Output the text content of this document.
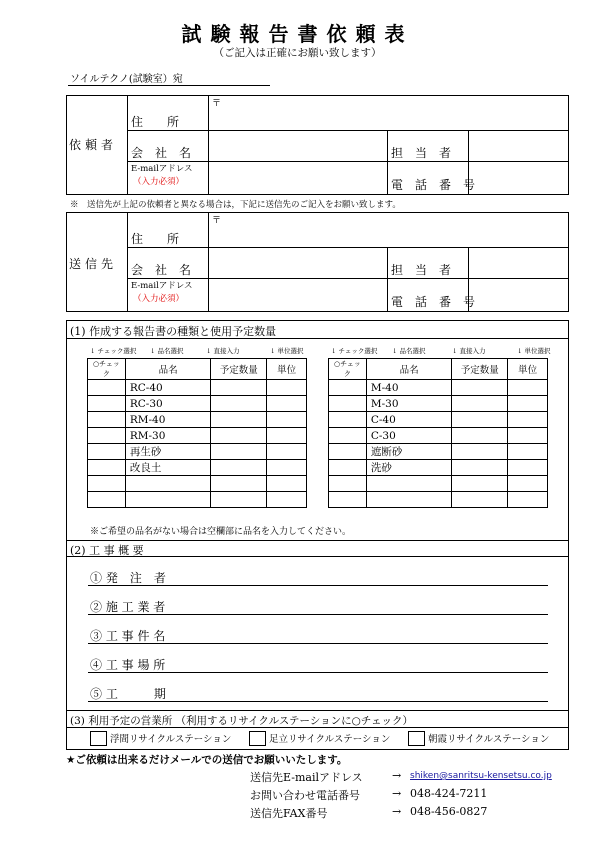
試験報告書依頼表
（ご記入は正確にお願い致します）
ソイルテクノ(試験室）宛
依頼者
〒
住　　所
会　社　名	担　当　者
E-mailアドレス
（入力必須）	電　話　番　号
※　送信先が上記の依頼者と異なる場合は，下記に送信先のご記入をお願い致します。
送信先
〒
住　　所
会　社　名	担　当　者
E-mailアドレス
（入力必須）	電　話　番　号
(1) 作成する報告書の種類と使用予定数量
↓ チェック選択 ↓ 品名選択	↓ 直接入力	↓ 単位選択	↓ チェック選択 ↓ 品名選択	↓ 直接入力	↓ 単位選択
○チェック	品名	予定数量	単位
	RC-40		
	RC-30		
	RM-40		
	RM-30		
	再生砂		
	改良土		

○チェック	品名	予定数量	単位
	M-40		
	M-30		
	C-40		
	C-30		
	遮断砂		
	洗砂		

※ご希望の品名がない場合は空欄部に品名を入力してください。
(2) 工 事 概 要
① 発　注　者
② 施 工 業 者
③ 工 事 件 名
④ 工 事 場 所
⑤ 工　　　期
(3) 利用予定の営業所 （利用するリサイクルステーションに○チェック）
浮間リサイクルステーション	足立リサイクルステーション	朝霞リサイクルステーション
★ご依頼は出来るだけメールでの送信でお願いいたします。
送信先E-mailアドレス	→ shiken@sanritsu-kensetsu.co.jp
お問い合わせ電話番号	→ 048-424-7211
送信先FAX番号	→ 048-456-0827
